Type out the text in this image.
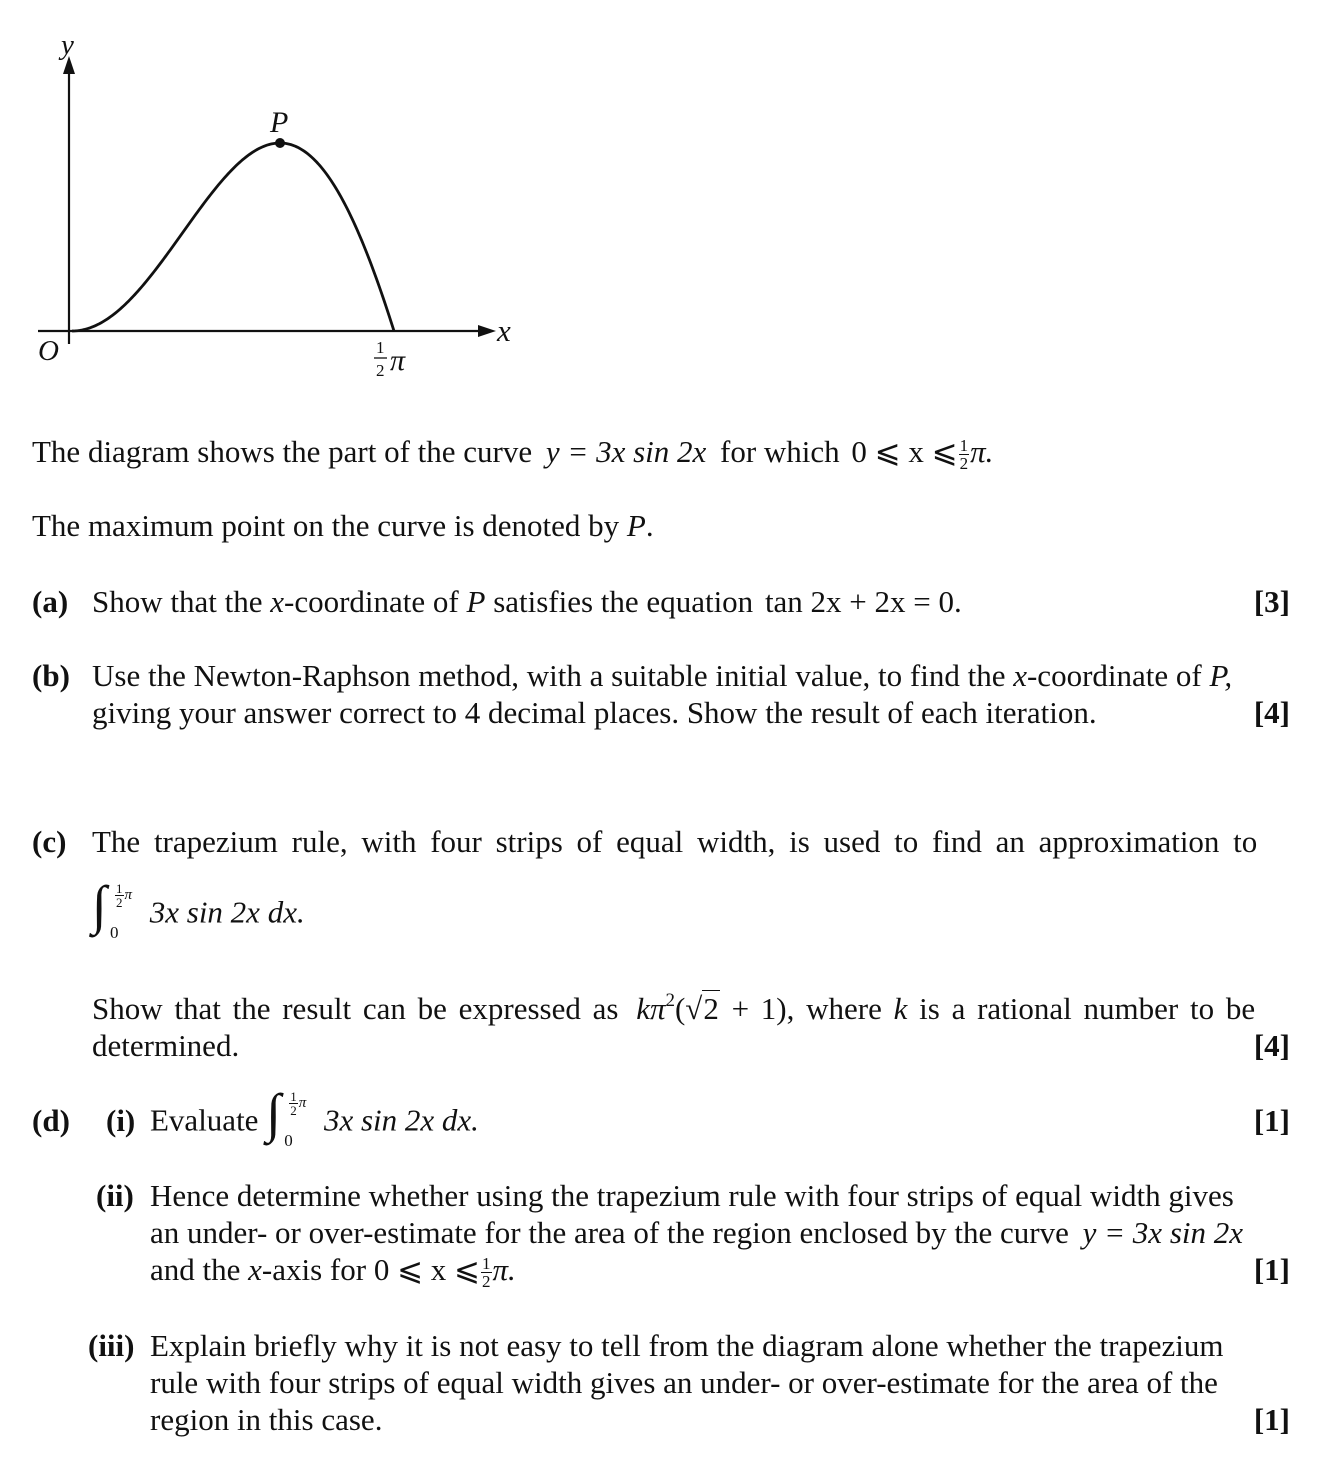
y
x
O
P
1
2 π
The diagram shows the part of the curve y = 3x sin 2x for which 0 ⩽ x ⩽ $\frac{1}{2} \pi$.
The maximum point on the curve is denoted by P.
(a) Show that the x-coordinate of P satisfies the equation tan 2x + 2x = 0.	[3]
(b) Use the Newton-Raphson method, with a suitable initial value, to find the x-coordinate of P,
giving your answer correct to 4 decimal places. Show the result of each iteration.	[4]
(c) The trapezium rule, with four strips of equal width, is used to find an approximation to
∫ $\frac{1}{2}$ π
0
3x sin 2x dx.
Show that the result can be expressed as $k\pi^2(√2 + 1)$, where k is a rational number to be
determined.	[4]
(d) (i) Evaluate ∫ $\frac{1}{2}$ π
0
3x sin 2x dx.	[1]
(ii) Hence determine whether using the trapezium rule with four strips of equal width gives
an under- or over-estimate for the area of the region enclosed by the curve y = 3x sin 2x
and the x-axis for 0 ⩽ x ⩽ $\frac{1}{2} \pi$.	[1]
(iii) Explain briefly why it is not easy to tell from the diagram alone whether the trapezium
rule with four strips of equal width gives an under- or over-estimate for the area of the
region in this case.	[1]
